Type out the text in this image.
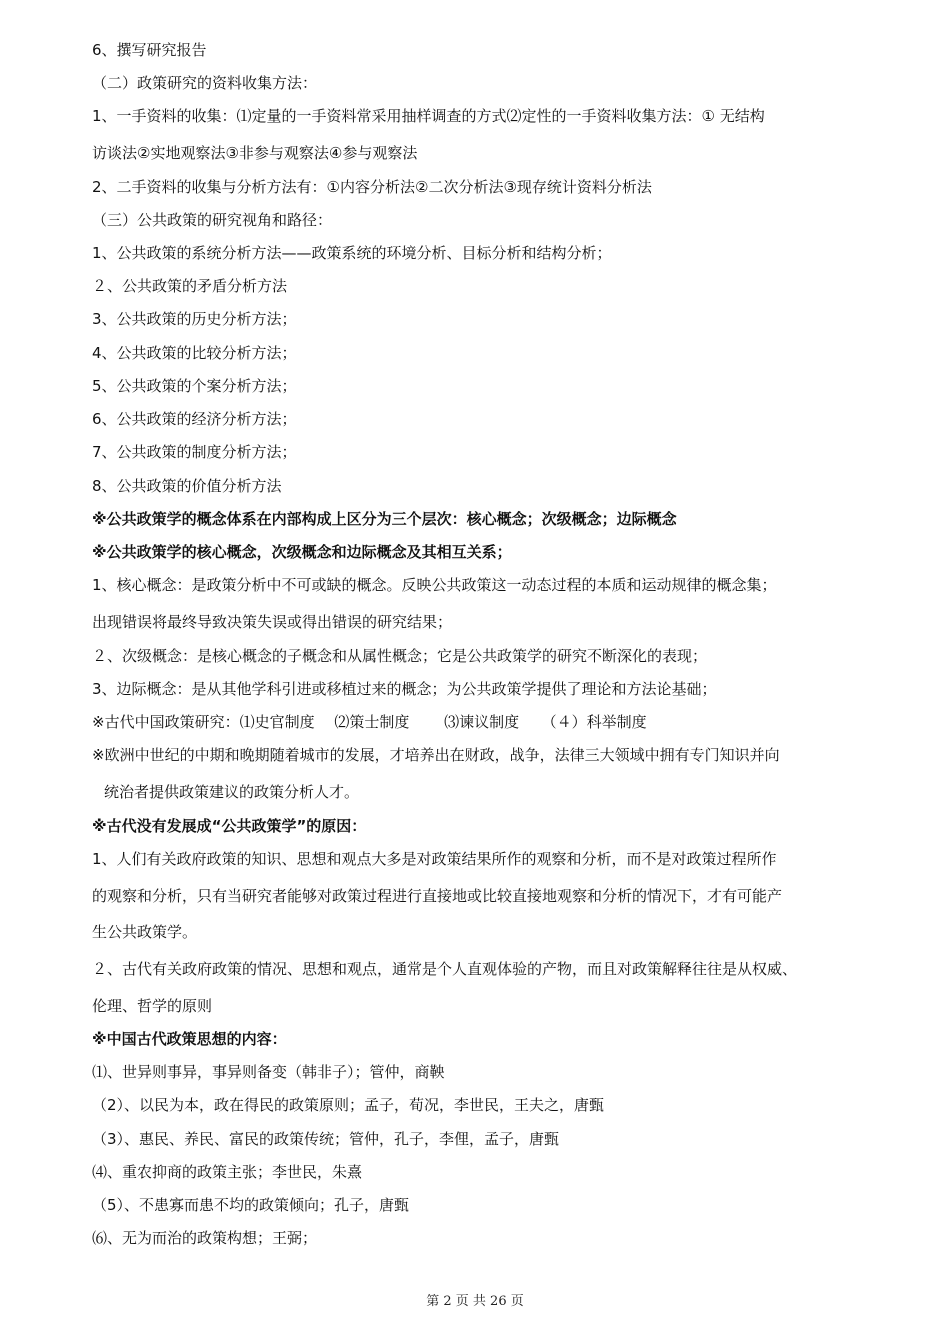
6、撰写研究报告
（二）政策研究的资料收集方法：
1、一手资料的收集：⑴定量的一手资料常采用抽样调查的方式⑵定性的一手资料收集方法：① 无结构
访谈法②实地观察法③非参与观察法④参与观察法
2、二手资料的收集与分析方法有：①内容分析法②二次分析法③现存统计资料分析法
（三）公共政策的研究视角和路径：
1、公共政策的系统分析方法——政策系统的环境分析、目标分析和结构分析；
２、公共政策的矛盾分析方法
3、公共政策的历史分析方法；
4、公共政策的比较分析方法；
5、公共政策的个案分析方法；
6、公共政策的经济分析方法；
7、公共政策的制度分析方法；
8、公共政策的价值分析方法
※公共政策学的概念体系在内部构成上区分为三个层次：核心概念；次级概念；边际概念
※公共政策学的核心概念，次级概念和边际概念及其相互关系；
1、核心概念：是政策分析中不可或缺的概念。反映公共政策这一动态过程的本质和运动规律的概念集；
出现错误将最终导致决策失误或得出错误的研究结果；
２、次级概念：是核心概念的子概念和从属性概念；它是公共政策学的研究不断深化的表现；
3、边际概念：是从其他学科引进或移植过来的概念；为公共政策学提供了理论和方法论基础；
※古代中国政策研究：⑴史官制度　 ⑵策士制度　　 ⑶谏议制度　　（４）科举制度
※欧洲中世纪的中期和晚期随着城市的发展，才培养出在财政，战争，法律三大领域中拥有专门知识并向
统治者提供政策建议的政策分析人才。
※古代没有发展成“公共政策学”的原因：
1、人们有关政府政策的知识、思想和观点大多是对政策结果所作的观察和分析，而不是对政策过程所作
的观察和分析，只有当研究者能够对政策过程进行直接地或比较直接地观察和分析的情况下，才有可能产
生公共政策学。
２、古代有关政府政策的情况、思想和观点，通常是个人直观体验的产物，而且对政策解释往往是从权威、
伦理、哲学的原则
※中国古代政策思想的内容：
⑴、世异则事异，事异则备变（韩非子）；管仲，商鞅
（2）、以民为本，政在得民的政策原则；孟子，荀况，李世民，王夫之，唐甄
（3）、惠民、养民、富民的政策传统；管仲，孔子，李俚，孟子，唐甄
⑷、重农抑商的政策主张；李世民，朱熹
（5）、不患寡而患不均的政策倾向；孔子，唐甄
⑹、无为而治的政策构想；王弼；
第 2 页 共 26 页
